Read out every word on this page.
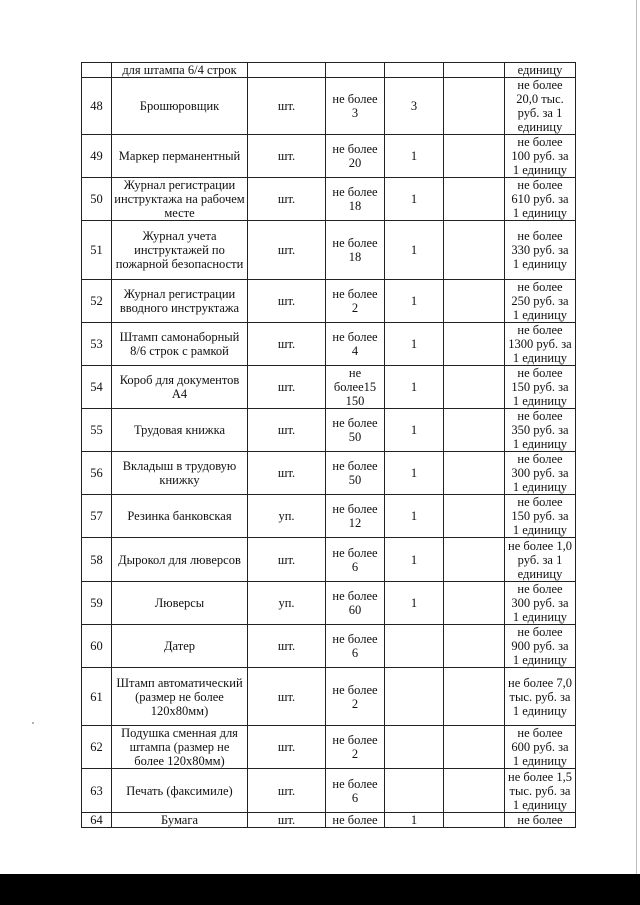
	для штампа 6/4 строк					единицу
48	Брошюровщик	шт.	не более 3	3		не более 20,0 тыс. руб. за 1 единицу
49	Маркер перманентный	шт.	не более 20	1		не более 100 руб. за 1 единицу
50	Журнал регистрации инструктажа на рабочем месте	шт.	не более 18	1		не более 610 руб. за 1 единицу
51	Журнал учета инструктажей по пожарной безопасности	шт.	не более 18	1		не более 330 руб. за 1 единицу
52	Журнал регистрации вводного инструктажа	шт.	не более 2	1		не более 250 руб. за 1 единицу
53	Штамп самонаборный 8/6 строк с рамкой	шт.	не более 4	1		не более 1300 руб. за 1 единицу
54	Короб для документов А4	шт.	не более15 150	1		не более 150 руб. за 1 единицу
55	Трудовая книжка	шт.	не более 50	1		не более 350 руб. за 1 единицу
56	Вкладыш в трудовую книжку	шт.	не более 50	1		не более 300 руб. за 1 единицу
57	Резинка банковская	уп.	не более 12	1		не более 150 руб. за 1 единицу
58	Дырокол для люверсов	шт.	не более 6	1		не более 1,0 руб. за 1 единицу
59	Люверсы	уп.	не более 60	1		не более 300 руб. за 1 единицу
60	Датер	шт.	не более 6			не более 900 руб. за 1 единицу
61	Штамп автоматический (размер не более 120х80мм)	шт.	не более 2			не более 7,0 тыс. руб. за 1 единицу
62	Подушка сменная для штампа (размер не более 120х80мм)	шт.	не более 2			не более 600 руб. за 1 единицу
63	Печать (факсимиле)	шт.	не более 6			не более 1,5 тыс. руб. за 1 единицу
64	Бумага	шт.	не более	1		не более
